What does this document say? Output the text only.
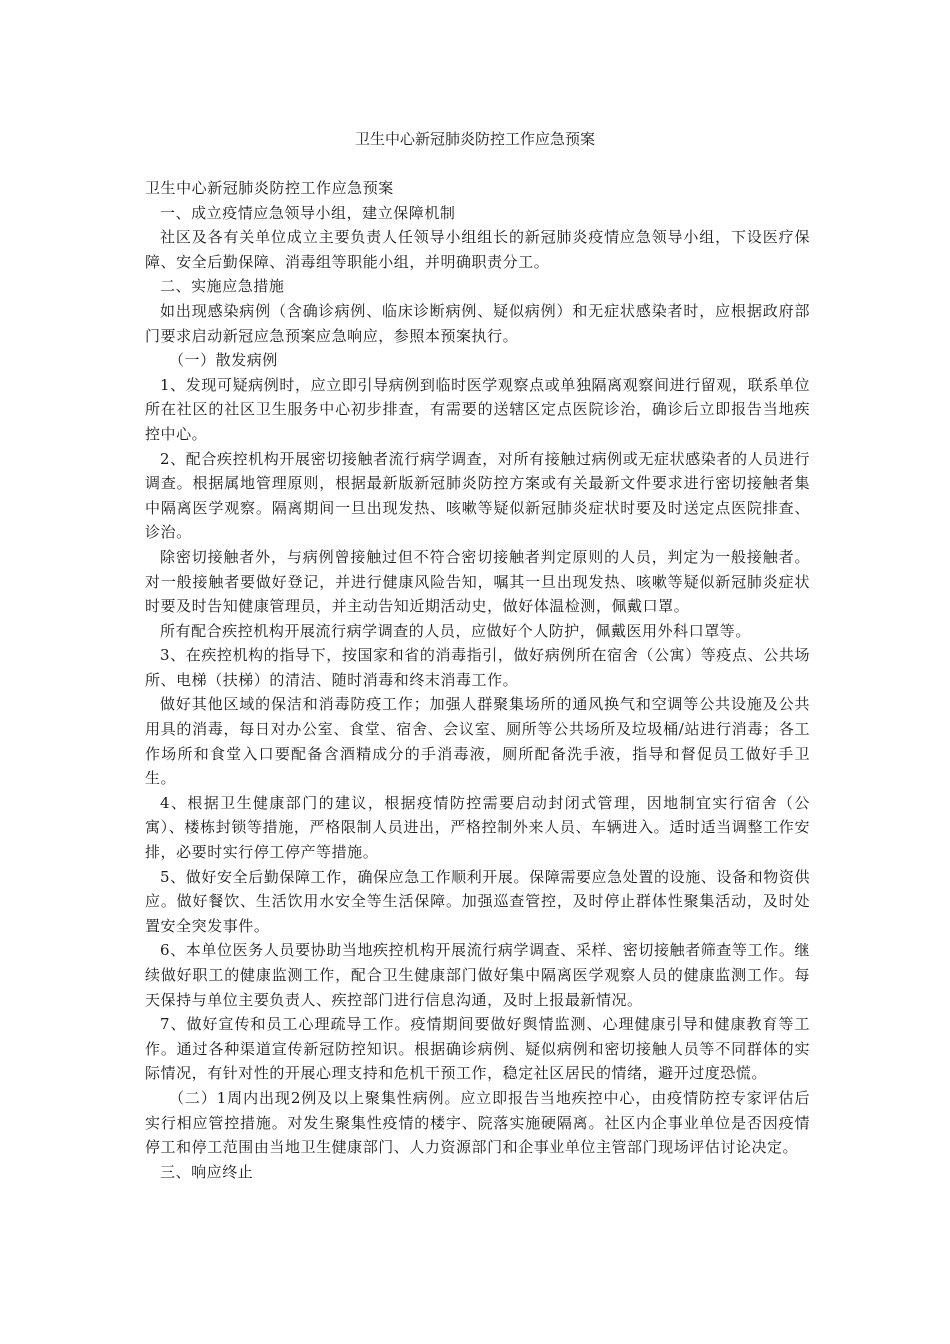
卫生中心新冠肺炎防控工作应急预案

卫生中心新冠肺炎防控工作应急预案

一、成立疫情应急领导小组，建立保障机制

社区及各有关单位成立主要负责人任领导小组组长的新冠肺炎疫情应急领导小组，下设医疗保障、安全后勤保障、消毒组等职能小组，并明确职责分工。

二、实施应急措施

如出现感染病例（含确诊病例、临床诊断病例、疑似病例）和无症状感染者时，应根据政府部门要求启动新冠应急预案应急响应，参照本预案执行。

（一）散发病例

1、发现可疑病例时，应立即引导病例到临时医学观察点或单独隔离观察间进行留观，联系单位所在社区的社区卫生服务中心初步排查，有需要的送辖区定点医院诊治，确诊后立即报告当地疾控中心。

2、配合疾控机构开展密切接触者流行病学调查，对所有接触过病例或无症状感染者的人员进行调查。根据属地管理原则，根据最新版新冠肺炎防控方案或有关最新文件要求进行密切接触者集中隔离医学观察。隔离期间一旦出现发热、咳嗽等疑似新冠肺炎症状时要及时送定点医院排查、诊治。

除密切接触者外，与病例曾接触过但不符合密切接触者判定原则的人员，判定为一般接触者。对一般接触者要做好登记，并进行健康风险告知，嘱其一旦出现发热、咳嗽等疑似新冠肺炎症状时要及时告知健康管理员，并主动告知近期活动史，做好体温检测，佩戴口罩。

所有配合疾控机构开展流行病学调查的人员，应做好个人防护，佩戴医用外科口罩等。

3、在疾控机构的指导下，按国家和省的消毒指引，做好病例所在宿舍（公寓）等疫点、公共场所、电梯（扶梯）的清洁、随时消毒和终末消毒工作。

做好其他区域的保洁和消毒防疫工作；加强人群聚集场所的通风换气和空调等公共设施及公共用具的消毒，每日对办公室、食堂、宿舍、会议室、厕所等公共场所及垃圾桶/站进行消毒；各工作场所和食堂入口要配备含酒精成分的手消毒液，厕所配备洗手液，指导和督促员工做好手卫生。

4、根据卫生健康部门的建议，根据疫情防控需要启动封闭式管理，因地制宜实行宿舍（公寓）、楼栋封锁等措施，严格限制人员进出，严格控制外来人员、车辆进入。适时适当调整工作安排，必要时实行停工停产等措施。

5、做好安全后勤保障工作，确保应急工作顺利开展。保障需要应急处置的设施、设备和物资供应。做好餐饮、生活饮用水安全等生活保障。加强巡查管控，及时停止群体性聚集活动，及时处置安全突发事件。

6、本单位医务人员要协助当地疾控机构开展流行病学调查、采样、密切接触者筛查等工作。继续做好职工的健康监测工作，配合卫生健康部门做好集中隔离医学观察人员的健康监测工作。每天保持与单位主要负责人、疾控部门进行信息沟通，及时上报最新情况。

7、做好宣传和员工心理疏导工作。疫情期间要做好舆情监测、心理健康引导和健康教育等工作。通过各种渠道宣传新冠防控知识。根据确诊病例、疑似病例和密切接触人员等不同群体的实际情况，有针对性的开展心理支持和危机干预工作，稳定社区居民的情绪，避开过度恐慌。

（二）1周内出现2例及以上聚集性病例。应立即报告当地疾控中心，由疫情防控专家评估后实行相应管控措施。对发生聚集性疫情的楼宇、院落实施硬隔离。社区内企事业单位是否因疫情停工和停工范围由当地卫生健康部门、人力资源部门和企事业单位主管部门现场评估讨论决定。

三、响应终止
